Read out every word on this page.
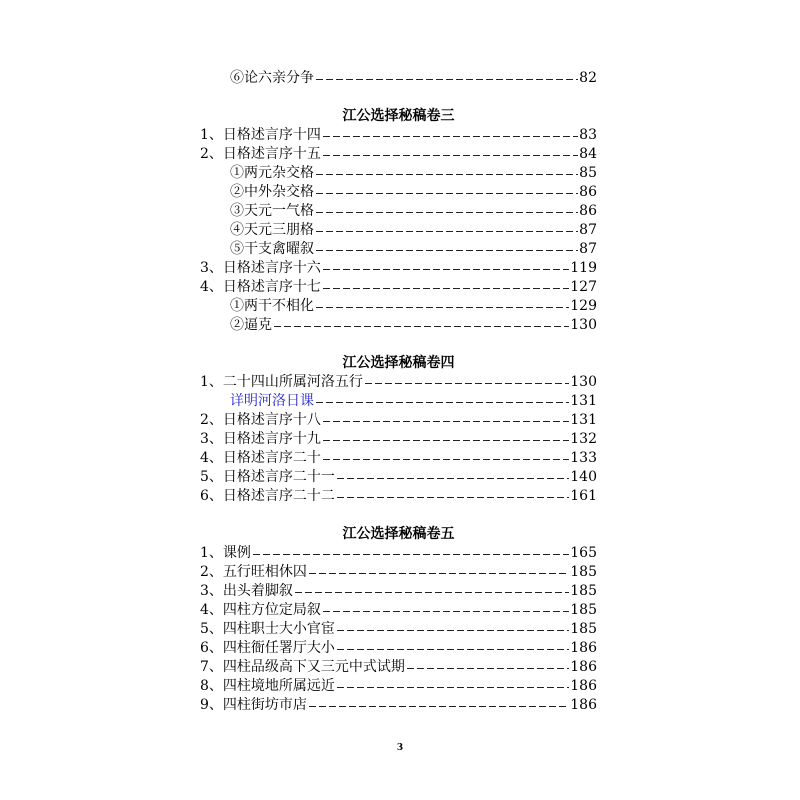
⑥论六亲分争	82
江公选择秘稿卷三
1、日格述言序十四	83
2、日格述言序十五	84
①两元杂交格	85
②中外杂交格	86
③天元一气格	86
④天元三朋格	87
⑤干支禽曜叙	87
3、日格述言序十六	119
4、日格述言序十七	127
①两干不相化	129
②逼克	130
江公选择秘稿卷四
1、二十四山所属河洛五行	130
详明河洛日课	131
2、日格述言序十八	131
3、日格述言序十九	132
4、日格述言序二十	133
5、日格述言序二十一	140
6、日格述言序二十二	161
江公选择秘稿卷五
1、课例	165
2、五行旺相休囚	185
3、出头着脚叙	185
4、四柱方位定局叙	185
5、四柱职士大小官宦	185
6、四柱衙任署厅大小	186
7、四柱品级高下又三元中式试期	186
8、四柱境地所属远近	186
9、四柱街坊市店	186
3
